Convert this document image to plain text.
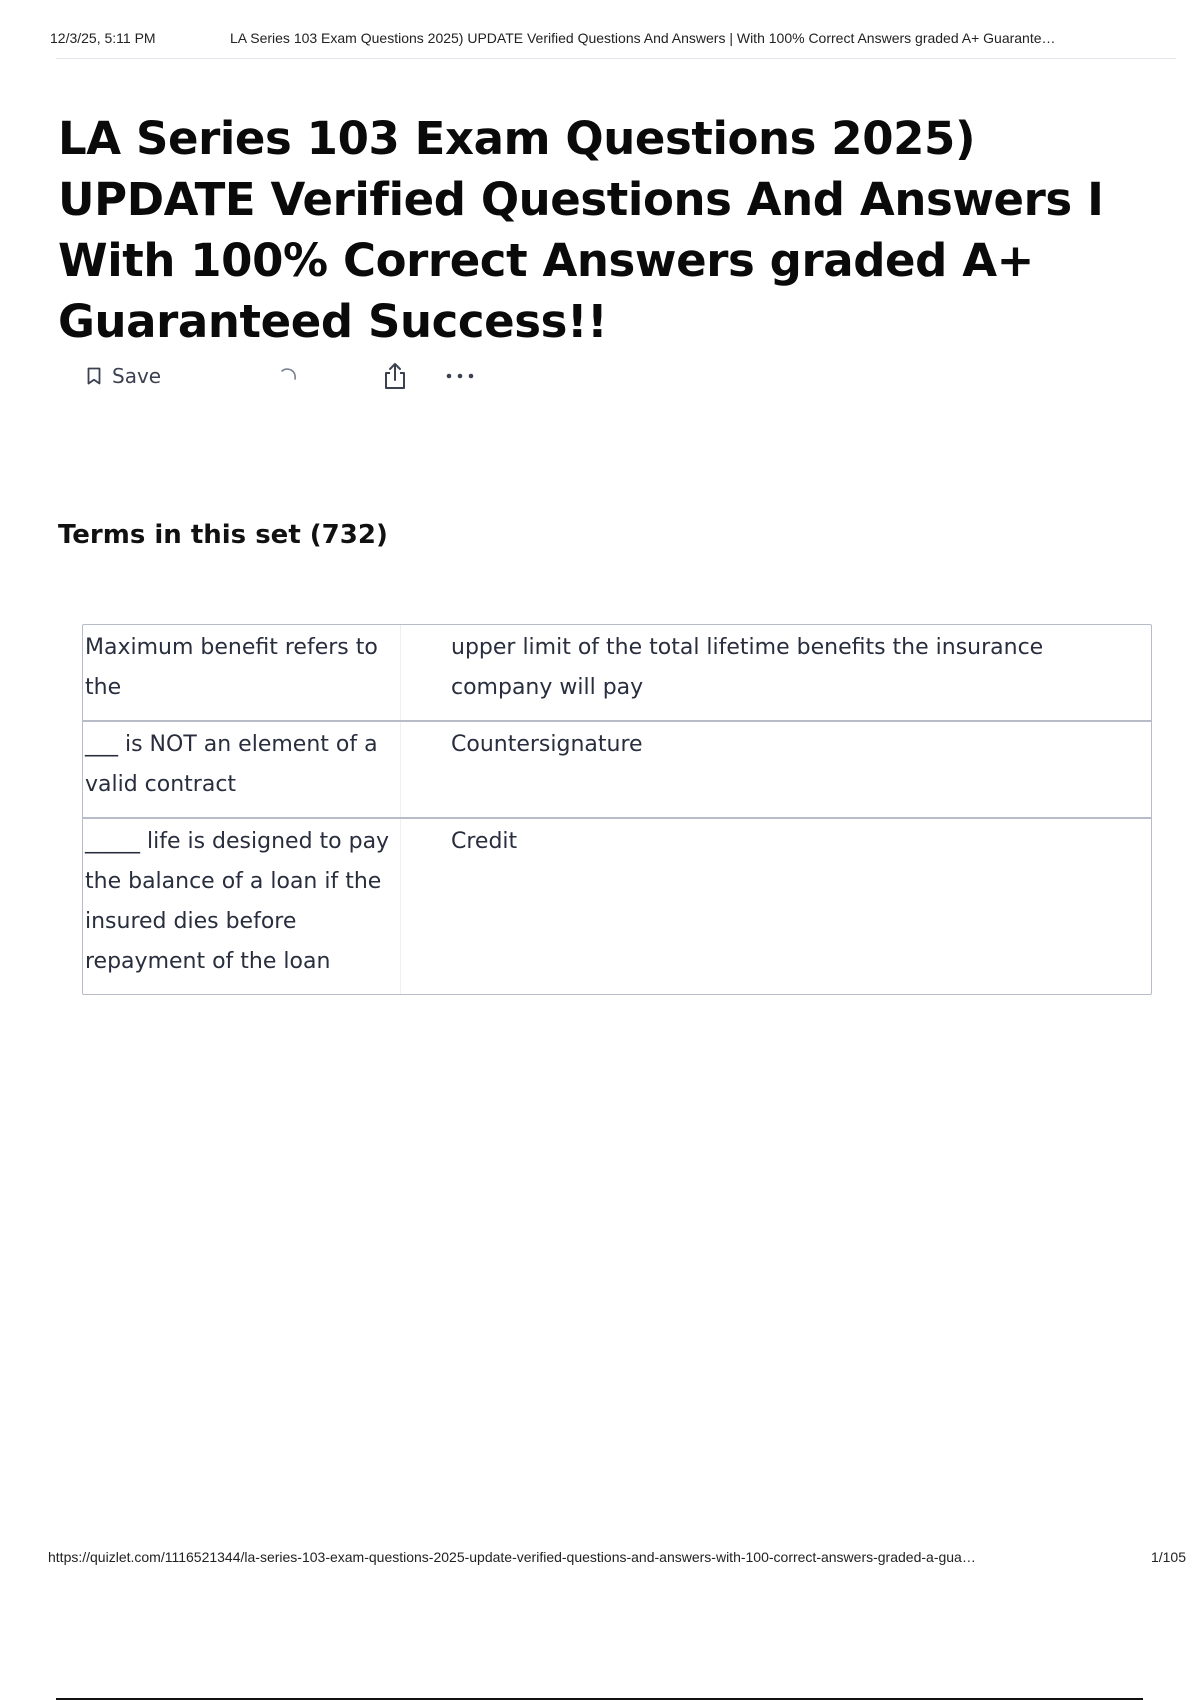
12/3/25, 5:11 PM	LA Series 103 Exam Questions 2025) UPDATE Verified Questions And Answers | With 100% Correct Answers graded A+ Guarante…
LA Series 103 Exam Questions 2025) UPDATE Verified Questions And Answers I With 100% Correct Answers graded A+ Guaranteed Success!!
Save
Terms in this set (732)
Maximum benefit refers to the
upper limit of the total lifetime benefits the insurance company will pay
___ is NOT an element of a valid contract
Countersignature
_____ life is designed to pay the balance of a loan if the insured dies before repayment of the loan
Credit
https://quizlet.com/1116521344/la-series-103-exam-questions-2025-update-verified-questions-and-answers-with-100-correct-answers-graded-a-gua…	1/105
